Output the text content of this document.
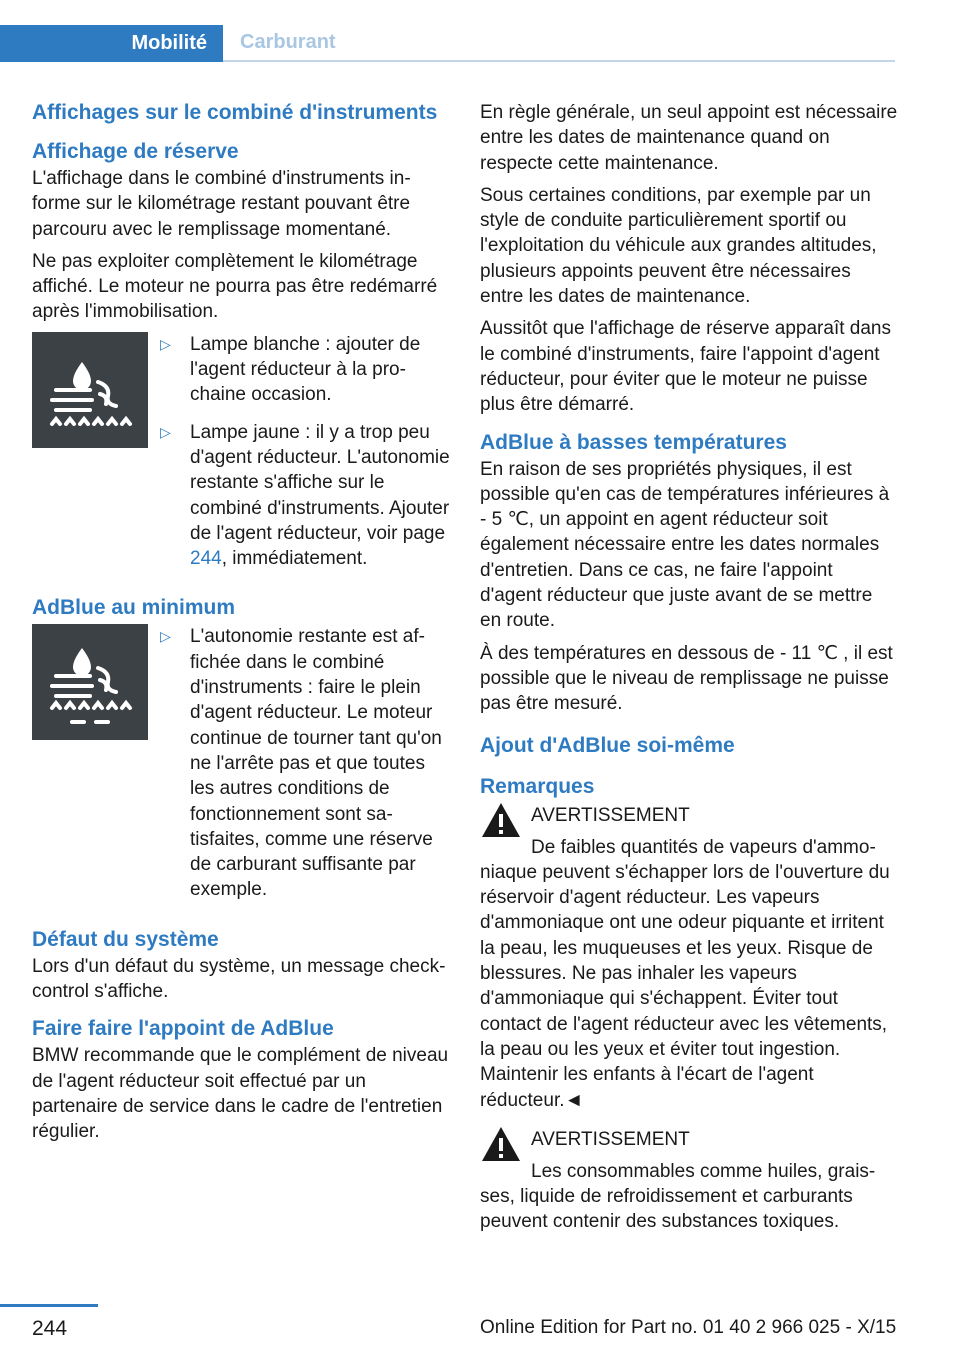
Mobilité	Carburant
Affichages sur le combiné d'instruments
Affichage de réserve

L'affichage dans le combiné d'instruments informe sur le kilométrage restant pouvant être parcouru avec le remplissage momentané.

Ne pas exploiter complètement le kilométrage affiché. Le moteur ne pourra pas être redémarré après l'immobilisation.

▷	Lampe blanche : ajouter de l'agent réducteur à la prochaine occasion.
▷	Lampe jaune : il y a trop peu d'agent réducteur. L'autonomie restante s'affiche sur le combiné d'instruments. Ajouter de l'agent réducteur, voir page 244, immédiatement.
AdBlue au minimum
▷	L'autonomie restante est affichée dans le combiné d'instruments : faire le plein d'agent réducteur. Le moteur continue de tourner tant qu'on ne l'arrête pas et que toutes les autres conditions de fonctionnement sont satisfaites, comme une réserve de carburant suffisante par exemple.
Défaut du système

Lors d'un défaut du système, un message check-control s'affiche.

Faire faire l'appoint de AdBlue

BMW recommande que le complément de niveau de l'agent réducteur soit effectué par un partenaire de service dans le cadre de l'entretien régulier.

En règle générale, un seul appoint est nécessaire entre les dates de maintenance quand on respecte cette maintenance.

Sous certaines conditions, par exemple par un style de conduite particulièrement sportif ou l'exploitation du véhicule aux grandes altitudes, plusieurs appoints peuvent être nécessaires entre les dates de maintenance.

Aussitôt que l'affichage de réserve apparaît dans le combiné d'instruments, faire l'appoint d'agent réducteur, pour éviter que le moteur ne puisse plus être démarré.

AdBlue à basses températures

En raison de ses propriétés physiques, il est possible qu'en cas de températures inférieures à - 5 ℃, un appoint en agent réducteur soit également nécessaire entre les dates normales d'entretien. Dans ce cas, ne faire l'appoint d'agent réducteur que juste avant de se mettre en route.

À des températures en dessous de - 11 ℃ , il est possible que le niveau de remplissage ne puisse pas être mesuré.

Ajout d'AdBlue soi-même
Remarques
AVERTISSEMENT

De faibles quantités de vapeurs d'ammoniaque peuvent s'échapper lors de l'ouverture du réservoir d'agent réducteur. Les vapeurs d'ammoniaque ont une odeur piquante et irritent la peau, les muqueuses et les yeux. Risque de blessures. Ne pas inhaler les vapeurs d'ammoniaque qui s'échappent. Éviter tout contact de l'agent réducteur avec les vêtements, la peau ou les yeux et éviter tout ingestion. Maintenir les enfants à l'écart de l'agent réducteur.◄

AVERTISSEMENT

Les consommables comme huiles, graisses, liquide de refroidissement et carburants peuvent contenir des substances toxiques.

244	Online Edition for Part no. 01 40 2 966 025 - X/15
